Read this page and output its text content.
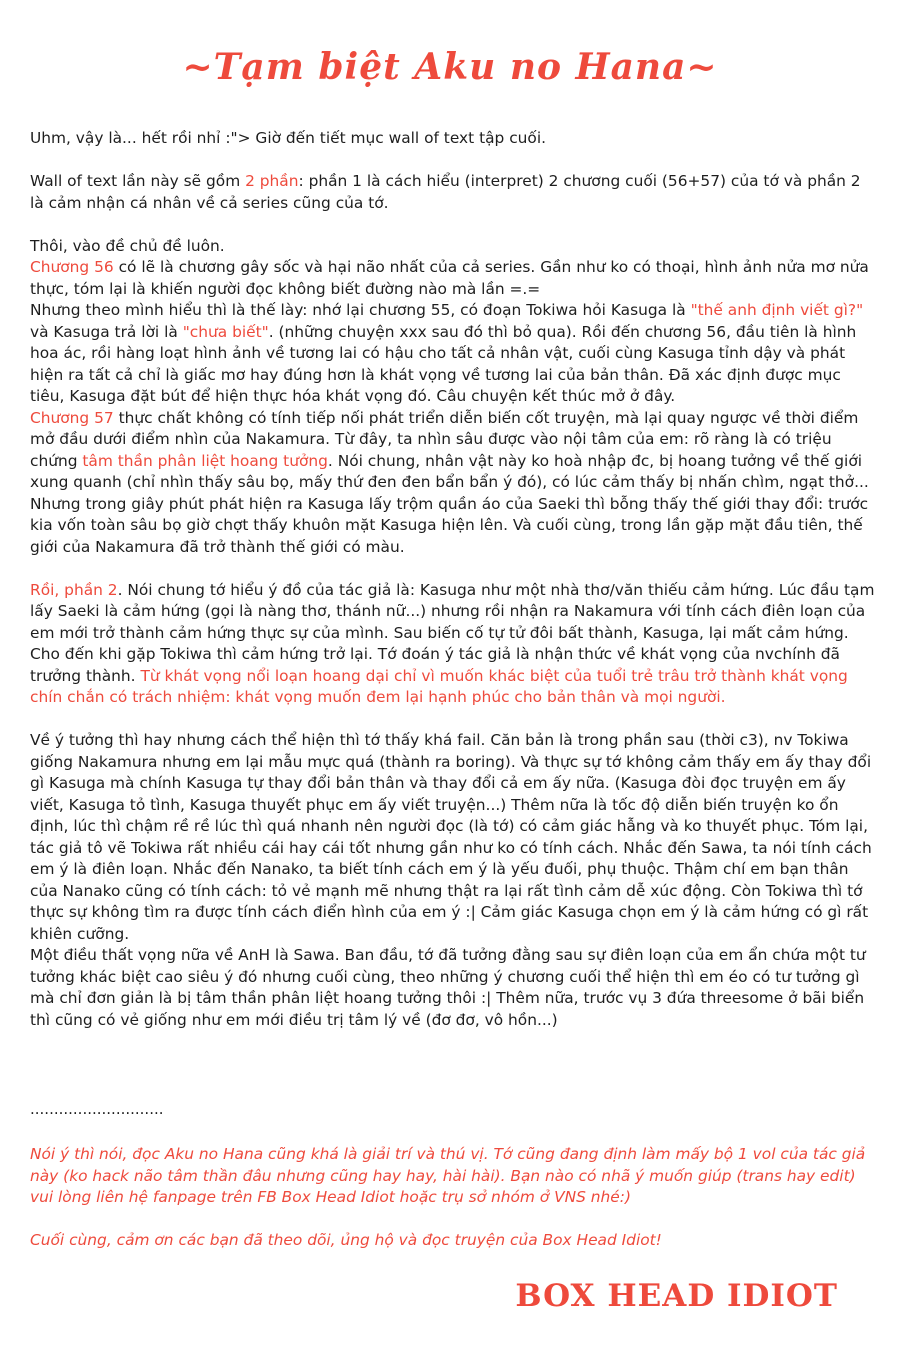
~Tạm biệt Aku no Hana~

Uhm, vậy là... hết rồi nhỉ :"> Giờ đến tiết mục wall of text tập cuối.

Wall of text lần này sẽ gồm 2 phần: phần 1 là cách hiểu (interpret) 2 chương cuối (56+57) của tớ và phần 2 là cảm nhận cá nhân về cả series cũng của tớ.

Thôi, vào đề chủ đề luôn.

Chương 56 có lẽ là chương gây sốc và hại não nhất của cả series. Gần như ko có thoại, hình ảnh nửa mơ nửa thực, tóm lại là khiến người đọc không biết đường nào mà lần =.=

Nhưng theo mình hiểu thì là thế lày: nhớ lại chương 55, có đoạn Tokiwa hỏi Kasuga là "thế anh định viết gì?" và Kasuga trả lời là "chưa biết". (những chuyện xxx sau đó thì bỏ qua). Rồi đến chương 56, đầu tiên là hình hoa ác, rồi hàng loạt hình ảnh về tương lai có hậu cho tất cả nhân vật, cuối cùng Kasuga tỉnh dậy và phát hiện ra tất cả chỉ là giấc mơ hay đúng hơn là khát vọng về tương lai của bản thân. Đã xác định được mục tiêu, Kasuga đặt bút để hiện thực hóa khát vọng đó. Câu chuyện kết thúc mở ở đây.

Chương 57 thực chất không có tính tiếp nối phát triển diễn biến cốt truyện, mà lại quay ngược về thời điểm mở đầu dưới điểm nhìn của Nakamura. Từ đây, ta nhìn sâu được vào nội tâm của em: rõ ràng là có triệu chứng tâm thần phân liệt hoang tưởng. Nói chung, nhân vật này ko hoà nhập đc, bị hoang tưởng về thế giới xung quanh (chỉ nhìn thấy sâu bọ, mấy thứ đen đen bẩn bẩn ý đó), có lúc cảm thấy bị nhấn chìm, ngạt thở... Nhưng trong giây phút phát hiện ra Kasuga lấy trộm quần áo của Saeki thì bỗng thấy thế giới thay đổi: trước kia vốn toàn sâu bọ giờ chợt thấy khuôn mặt Kasuga hiện lên. Và cuối cùng, trong lần gặp mặt đầu tiên, thế giới của Nakamura đã trở thành thế giới có màu.

Rồi, phần 2. Nói chung tớ hiểu ý đồ của tác giả là: Kasuga như một nhà thơ/văn thiếu cảm hứng. Lúc đầu tạm lấy Saeki là cảm hứng (gọi là nàng thơ, thánh nữ...) nhưng rồi nhận ra Nakamura với tính cách điên loạn của em mới trở thành cảm hứng thực sự của mình. Sau biến cố tự tử đôi bất thành, Kasuga, lại mất cảm hứng. Cho đến khi gặp Tokiwa thì cảm hứng trở lại. Tớ đoán ý tác giả là nhận thức về khát vọng của nvchính đã trưởng thành. Từ khát vọng nổi loạn hoang dại chỉ vì muốn khác biệt của tuổi trẻ trâu trở thành khát vọng chín chắn có trách nhiệm: khát vọng muốn đem lại hạnh phúc cho bản thân và mọi người.

Về ý tưởng thì hay nhưng cách thể hiện thì tớ thấy khá fail. Căn bản là trong phần sau (thời c3), nv Tokiwa giống Nakamura nhưng em lại mẫu mực quá (thành ra boring). Và thực sự tớ không cảm thấy em ấy thay đổi gì Kasuga mà chính Kasuga tự thay đổi bản thân và thay đổi cả em ấy nữa. (Kasuga đòi đọc truyện em ấy viết, Kasuga tỏ tình, Kasuga thuyết phục em ấy viết truyện...) Thêm nữa là tốc độ diễn biến truyện ko ổn định, lúc thì chậm rề rề lúc thì quá nhanh nên người đọc (là tớ) có cảm giác hẫng và ko thuyết phục. Tóm lại, tác giả tô vẽ Tokiwa rất nhiều cái hay cái tốt nhưng gần như ko có tính cách. Nhắc đến Sawa, ta nói tính cách em ý là điên loạn. Nhắc đến Nanako, ta biết tính cách em ý là yếu đuối, phụ thuộc. Thậm chí em bạn thân của Nanako cũng có tính cách: tỏ vẻ mạnh mẽ nhưng thật ra lại rất tình cảm dễ xúc động. Còn Tokiwa thì tớ thực sự không tìm ra được tính cách điển hình của em ý :| Cảm giác Kasuga chọn em ý là cảm hứng có gì rất khiên cưỡng.

Một điều thất vọng nữa về AnH là Sawa. Ban đầu, tớ đã tưởng đằng sau sự điên loạn của em ẩn chứa một tư tưởng khác biệt cao siêu ý đó nhưng cuối cùng, theo những ý chương cuối thể hiện thì em éo có tư tưởng gì mà chỉ đơn giản là bị tâm thần phân liệt hoang tưởng thôi :| Thêm nữa, trước vụ 3 đứa threesome ở bãi biển thì cũng có vẻ giống như em mới điều trị tâm lý về (đơ đơ, vô hồn...)

............................

Nói ý thì nói, đọc Aku no Hana cũng khá là giải trí và thú vị. Tớ cũng đang định làm mấy bộ 1 vol của tác giả này (ko hack não tâm thần đâu nhưng cũng hay hay, hài hài). Bạn nào có nhã ý muốn giúp (trans hay edit) vui lòng liên hệ fanpage trên FB Box Head Idiot hoặc trụ sở nhóm ở VNS nhé:)

Cuối cùng, cảm ơn các bạn đã theo dõi, ủng hộ và đọc truyện của Box Head Idiot!

BOX HEAD IDIOT
